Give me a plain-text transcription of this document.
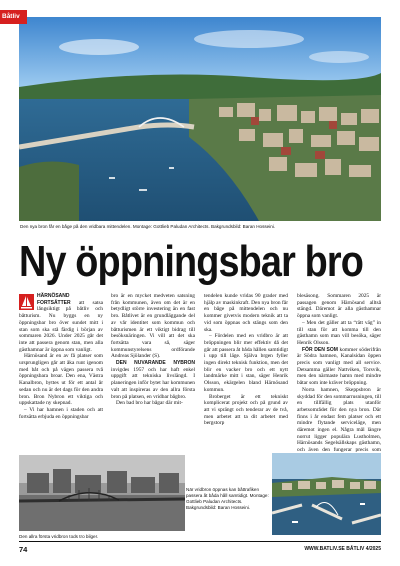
Båtliv
Den nya bron får en båge på den vridbara mittendelen. Montage: Gottlieb Paludan Architects. Bakgrundsbild: Baran Hosseini.
Ny öppningsbar bro

HÄRNÖSAND FORTSÄTTER att satsa långsiktigt på båtliv och båtturism. Nu byggs en ny öppningsbar bro över sundet mitt i stan som ska stå färdig i början av sommaren 2026. Under 2025 går det inte att passera genom stan, men alla gästhamnar är öppna som vanligt.

Härnösand är en av få platser som ursprungligen går att åka runt igenom med båt och på vägen passera två öppningsbara broar. Den ena, Västra Kanalbron, byttes ut för ett antal år sedan och nu är det dags för den andra bron. Bron Nybron ett viktiga och uppskattade ny skepnad.

– Vi har hamnen i staden och att fortsätta erbjuda en öppningsbar

bro är en mycket medveten satsning från kommunen, även om det är en betydligt större investering än en fast bro. Båtlivet är en grundläggande del av vår identitet som kommun och båtturismen är ett viktigt bidrag till besöksnäringen. Vi vill att det ska fortsätta vara så, säger kommunstyrelsens ordförande Andreas Sjölander (S).

DEN NUVARANDE NYBRON invigdes 1957 och har haft enkel uppgift att tekniska livslängd. I planeringen inför bytet har kommunen valt att inspireras av den allra första bron på platsen, en vridbar bågbro.

Den bad bro har bågar där mit-

tendelen kunde vridas 90 grader med hjälp av maskinkraft. Den nya bron får en båge på mittendelen och nu kommer givetvis modern teknik att ta vid som öppnas och stängs som den ska.

– Fördelen med en vridbro är att bröppningen blir mer effektiv då det går att passera åt båda hållen samtidigt i upp till läge. Själva brgen fyller ingen direkt teknisk funktion, men det blir en vacker bro och ett nytt landmärke mitt i stan, säger Henrik Olsson, ekärgelen bland Härnösand kommun.

Broberget är ett tekniskt komplicerat projekt och på grund av att vi sprängt och tenderar av de två, men arbetet att ta dit arbetet med bergstorp

blesäsong. Sommaren 2025 är passagen genom Härnösand alltså stängd. Däremot är alla gästhamnar öppna som vanligt.

– Men det gäller att ta “rätt väg” in till stan för att komma till den gästhamn som man vill besöka, säger Henrik Olsson.

FÖR DEN SOM kommer söderifrån är Södra hamnen, Kanalsidan öppen precis som vanligt med all service. Detsamma gäller Nattviken, Torsvik, men den närmaste hamn med mindre båtar som inte kräver bröppning.

Norra hamnen, Skeppsbron är skyddad för den sommarrusningen, till en tillfällig plats utanför arbetsområdet för den nya bron. Där finns i år endast fem platser och ett mindre flytande serviceläge, men däremot ingen el. Några mål längre norrut ligger populära Lustholmen, Härnösands Segelsällskaps gästhamn, och även den fungerar precis som

Den allra första vridbron tods tro bilger.
När vridbron öppnas kan båttrafiken passera åt båda håll samtidigt. Montage: Gottlieb Paludan Architects. Bakgrundsbild: Baran Hosseini.
74	WWW.BATLIV.SE BÅTLIV 4/2025
